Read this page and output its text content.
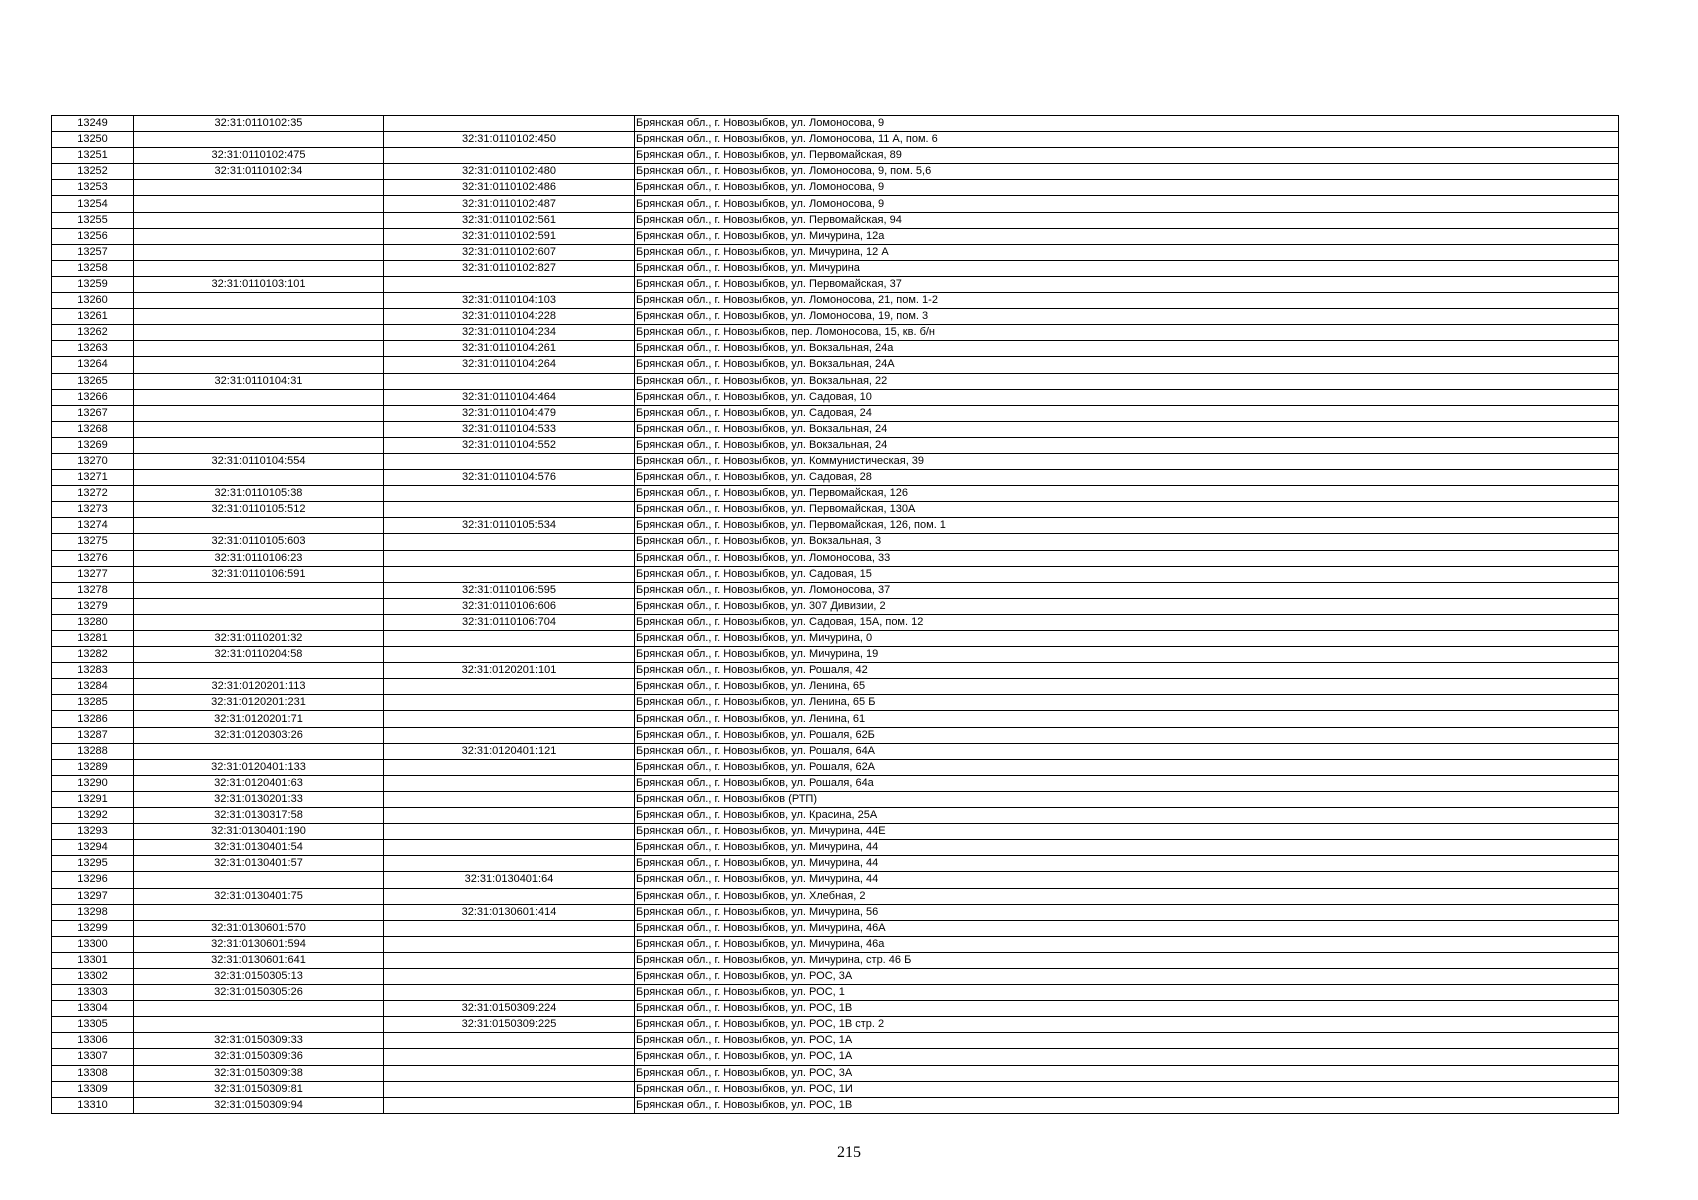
13249	32:31:0110102:35		Брянская обл., г. Новозыбков, ул. Ломоносова, 9
13250		32:31:0110102:450	Брянская обл., г. Новозыбков, ул. Ломоносова, 11 А, пом. 6
13251	32:31:0110102:475		Брянская обл., г. Новозыбков, ул. Первомайская, 89
13252	32:31:0110102:34	32:31:0110102:480	Брянская обл., г. Новозыбков, ул. Ломоносова, 9, пом. 5,6
13253		32:31:0110102:486	Брянская обл., г. Новозыбков, ул. Ломоносова, 9
13254		32:31:0110102:487	Брянская обл., г. Новозыбков, ул. Ломоносова, 9
13255		32:31:0110102:561	Брянская обл., г. Новозыбков, ул. Первомайская, 94
13256		32:31:0110102:591	Брянская обл., г. Новозыбков, ул. Мичурина, 12а
13257		32:31:0110102:607	Брянская обл., г. Новозыбков, ул. Мичурина, 12 А
13258		32:31:0110102:827	Брянская обл., г. Новозыбков, ул. Мичурина
13259	32:31:0110103:101		Брянская обл., г. Новозыбков, ул. Первомайская, 37
13260		32:31:0110104:103	Брянская обл., г. Новозыбков, ул. Ломоносова, 21, пом. 1-2
13261		32:31:0110104:228	Брянская обл., г. Новозыбков, ул. Ломоносова, 19, пом. 3
13262		32:31:0110104:234	Брянская обл., г. Новозыбков, пер. Ломоносова, 15, кв. б/н
13263		32:31:0110104:261	Брянская обл., г. Новозыбков, ул. Вокзальная, 24а
13264		32:31:0110104:264	Брянская обл., г. Новозыбков, ул. Вокзальная, 24А
13265	32:31:0110104:31		Брянская обл., г. Новозыбков, ул. Вокзальная, 22
13266		32:31:0110104:464	Брянская обл., г. Новозыбков, ул. Садовая, 10
13267		32:31:0110104:479	Брянская обл., г. Новозыбков, ул. Садовая, 24
13268		32:31:0110104:533	Брянская обл., г. Новозыбков, ул. Вокзальная, 24
13269		32:31:0110104:552	Брянская обл., г. Новозыбков, ул. Вокзальная, 24
13270	32:31:0110104:554		Брянская обл., г. Новозыбков, ул. Коммунистическая, 39
13271		32:31:0110104:576	Брянская обл., г. Новозыбков, ул. Садовая, 28
13272	32:31:0110105:38		Брянская обл., г. Новозыбков, ул. Первомайская, 126
13273	32:31:0110105:512		Брянская обл., г. Новозыбков, ул. Первомайская, 130А
13274		32:31:0110105:534	Брянская обл., г. Новозыбков, ул. Первомайская, 126, пом. 1
13275	32:31:0110105:603		Брянская обл., г. Новозыбков, ул. Вокзальная, 3
13276	32:31:0110106:23		Брянская обл., г. Новозыбков, ул. Ломоносова, 33
13277	32:31:0110106:591		Брянская обл., г. Новозыбков, ул. Садовая, 15
13278		32:31:0110106:595	Брянская обл., г. Новозыбков, ул. Ломоносова, 37
13279		32:31:0110106:606	Брянская обл., г. Новозыбков, ул. 307 Дивизии, 2
13280		32:31:0110106:704	Брянская обл., г. Новозыбков, ул. Садовая, 15А, пом. 12
13281	32:31:0110201:32		Брянская обл., г. Новозыбков, ул. Мичурина, 0
13282	32:31:0110204:58		Брянская обл., г. Новозыбков, ул. Мичурина, 19
13283		32:31:0120201:101	Брянская обл., г. Новозыбков, ул. Рошаля, 42
13284	32:31:0120201:113		Брянская обл., г. Новозыбков, ул. Ленина, 65
13285	32:31:0120201:231		Брянская обл., г. Новозыбков, ул. Ленина, 65 Б
13286	32:31:0120201:71		Брянская обл., г. Новозыбков, ул. Ленина, 61
13287	32:31:0120303:26		Брянская обл., г. Новозыбков, ул. Рошаля, 62Б
13288		32:31:0120401:121	Брянская обл., г. Новозыбков, ул. Рошаля, 64А
13289	32:31:0120401:133		Брянская обл., г. Новозыбков, ул. Рошаля, 62А
13290	32:31:0120401:63		Брянская обл., г. Новозыбков, ул. Рошаля, 64а
13291	32:31:0130201:33		Брянская обл., г. Новозыбков (РТП)
13292	32:31:0130317:58		Брянская обл., г. Новозыбков, ул. Красина, 25А
13293	32:31:0130401:190		Брянская обл., г. Новозыбков, ул. Мичурина, 44Е
13294	32:31:0130401:54		Брянская обл., г. Новозыбков, ул. Мичурина, 44
13295	32:31:0130401:57		Брянская обл., г. Новозыбков, ул. Мичурина, 44
13296		32:31:0130401:64	Брянская обл., г. Новозыбков, ул. Мичурина, 44
13297	32:31:0130401:75		Брянская обл., г. Новозыбков, ул. Хлебная, 2
13298		32:31:0130601:414	Брянская обл., г. Новозыбков, ул. Мичурина, 56
13299	32:31:0130601:570		Брянская обл., г. Новозыбков, ул. Мичурина, 46А
13300	32:31:0130601:594		Брянская обл., г. Новозыбков, ул. Мичурина, 46а
13301	32:31:0130601:641		Брянская обл., г. Новозыбков, ул. Мичурина, стр. 46 Б
13302	32:31:0150305:13		Брянская обл., г. Новозыбков, ул. РОС, 3А
13303	32:31:0150305:26		Брянская обл., г. Новозыбков, ул. РОС, 1
13304		32:31:0150309:224	Брянская обл., г. Новозыбков, ул. РОС, 1В
13305		32:31:0150309:225	Брянская обл., г. Новозыбков, ул. РОС, 1В стр. 2
13306	32:31:0150309:33		Брянская обл., г. Новозыбков, ул. РОС, 1А
13307	32:31:0150309:36		Брянская обл., г. Новозыбков, ул. РОС, 1А
13308	32:31:0150309:38		Брянская обл., г. Новозыбков, ул. РОС, 3А
13309	32:31:0150309:81		Брянская обл., г. Новозыбков, ул. РОС, 1И
13310	32:31:0150309:94		Брянская обл., г. Новозыбков, ул. РОС, 1В
215
